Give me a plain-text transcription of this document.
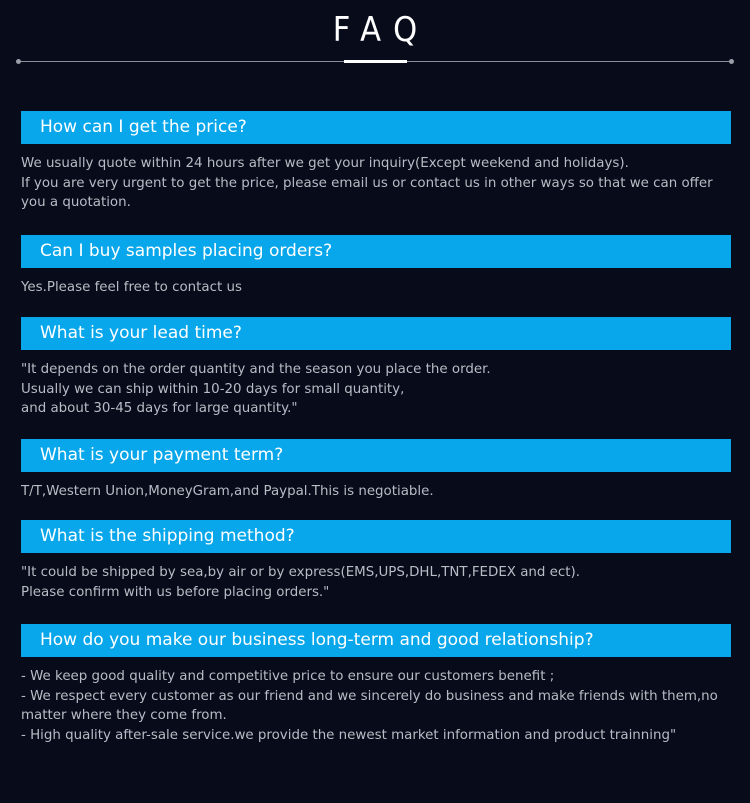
FAQ
How can I get the price?
We usually quote within 24 hours after we get your inquiry(Except weekend and holidays).
If you are very urgent to get the price, please email us or contact us in other ways so that we can offer you a quotation.
Can I buy samples placing orders?
Yes.Please feel free to contact us
What is your lead time?
"It depends on the order quantity and the season you place the order.
Usually we can ship within 10-20 days for small quantity,
and about 30-45 days for large quantity."
What is your payment term?
T/T,Western Union,MoneyGram,and Paypal.This is negotiable.
What is the shipping method?
"It could be shipped by sea,by air or by express(EMS,UPS,DHL,TNT,FEDEX and ect).
Please confirm with us before placing orders."
How do you make our business long-term and good relationship?
- We keep good quality and competitive price to ensure our customers benefit ;
- We respect every customer as our friend and we sincerely do business and make friends with them,no matter where they come from.
- High quality after-sale service.we provide the newest market information and product trainning"
